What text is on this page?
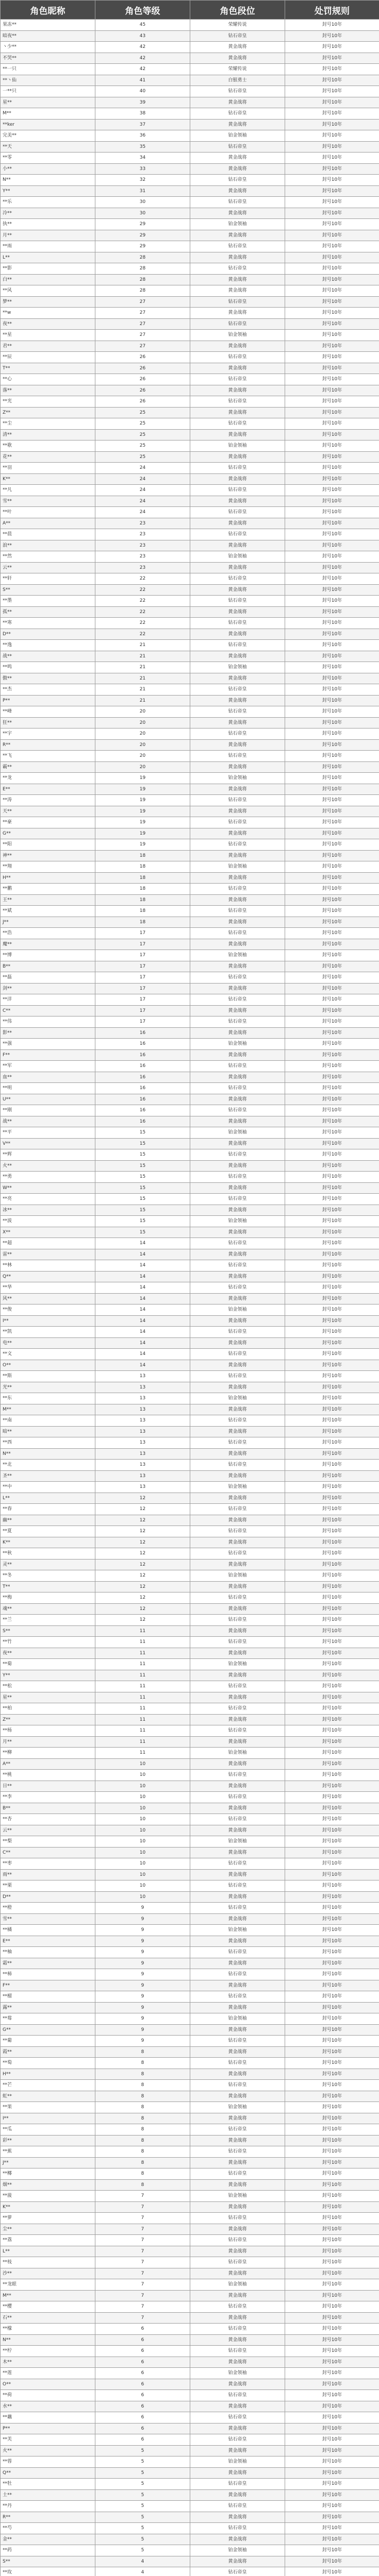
角色昵称	角色等级	角色段位	处罚规则
果冻**	45	荣耀传说	封号10年
暗夜**	43	钻石帝皇	封号10年
丶少**	42	黄金战将	封号10年
不哭**	42	黄金战将	封号10年
**一只	42	荣耀传说	封号10年
**丶仙	41	白银勇士	封号10年
一**只	40	钻石帝皇	封号10年
星**	39	黄金战将	封号10年
M**	38	钻石帝皇	封号10年
**ker	37	黄金战将	封号10年
完美**	36	铂金领袖	封号10年
**天	35	钻石帝皇	封号10年
**零	34	黄金战将	封号10年
小**	33	黄金战将	封号10年
N**	32	钻石帝皇	封号10年
Y**	31	黄金战将	封号10年
**乐	30	钻石帝皇	封号10年
冷**	30	黄金战将	封号10年
执**	29	铂金领袖	封号10年
月**	29	黄金战将	封号10年
**雨	29	钻石帝皇	封号10年
L**	28	黄金战将	封号10年
**影	28	钻石帝皇	封号10年
白**	28	黄金战将	封号10年
**风	28	黄金战将	封号10年
梦**	27	钻石帝皇	封号10年
**w	27	黄金战将	封号10年
夜**	27	钻石帝皇	封号10年
**星	27	铂金领袖	封号10年
君**	27	黄金战将	封号10年
**辰	26	钻石帝皇	封号10年
T**	26	黄金战将	封号10年
**心	26	钻石帝皇	封号10年
落**	26	黄金战将	封号10年
**光	26	钻石帝皇	封号10年
Z**	25	黄金战将	封号10年
**尘	25	钻石帝皇	封号10年
清**	25	黄金战将	封号10年
**歌	25	铂金领袖	封号10年
花**	25	黄金战将	封号10年
**羽	24	钻石帝皇	封号10年
K**	24	黄金战将	封号10年
**凡	24	钻石帝皇	封号10年
雪**	24	黄金战将	封号10年
**叶	24	钻石帝皇	封号10年
A**	23	黄金战将	封号10年
**晨	23	钻石帝皇	封号10年
浪**	23	黄金战将	封号10年
**然	23	铂金领袖	封号10年
云**	23	黄金战将	封号10年
**轩	22	钻石帝皇	封号10年
S**	22	黄金战将	封号10年
**墨	22	钻石帝皇	封号10年
孤**	22	黄金战将	封号10年
**寒	22	钻石帝皇	封号10年
D**	22	黄金战将	封号10年
**逸	21	钻石帝皇	封号10年
战**	21	黄金战将	封号10年
**鸣	21	铂金领袖	封号10年
傲**	21	黄金战将	封号10年
**杰	21	钻石帝皇	封号10年
P**	21	黄金战将	封号10年
**峰	20	钻石帝皇	封号10年
狂**	20	黄金战将	封号10年
**宇	20	钻石帝皇	封号10年
R**	20	黄金战将	封号10年
**飞	20	钻石帝皇	封号10年
霸**	20	黄金战将	封号10年
**龙	19	铂金领袖	封号10年
E**	19	黄金战将	封号10年
**涛	19	钻石帝皇	封号10年
天**	19	黄金战将	封号10年
**豪	19	钻石帝皇	封号10年
G**	19	黄金战将	封号10年
**阳	19	钻石帝皇	封号10年
神**	18	黄金战将	封号10年
**翔	18	铂金领袖	封号10年
H**	18	黄金战将	封号10年
**鹏	18	钻石帝皇	封号10年
王**	18	黄金战将	封号10年
**斌	18	钻石帝皇	封号10年
J**	18	黄金战将	封号10年
**浩	17	钻石帝皇	封号10年
魔**	17	黄金战将	封号10年
**博	17	铂金领袖	封号10年
B**	17	黄金战将	封号10年
**磊	17	钻石帝皇	封号10年
剑**	17	黄金战将	封号10年
**洋	17	钻石帝皇	封号10年
C**	17	黄金战将	封号10年
**伟	17	钻石帝皇	封号10年
影**	16	黄金战将	封号10年
**强	16	铂金领袖	封号10年
F**	16	黄金战将	封号10年
**军	16	钻石帝皇	封号10年
血**	16	黄金战将	封号10年
**明	16	钻石帝皇	封号10年
U**	16	黄金战将	封号10年
**刚	16	钻石帝皇	封号10年
战**	16	黄金战将	封号10年
**平	15	铂金领袖	封号10年
V**	15	黄金战将	封号10年
**辉	15	钻石帝皇	封号10年
火**	15	黄金战将	封号10年
**勇	15	钻石帝皇	封号10年
W**	15	黄金战将	封号10年
**亮	15	钻石帝皇	封号10年
冰**	15	黄金战将	封号10年
**波	15	铂金领袖	封号10年
X**	15	黄金战将	封号10年
**超	14	钻石帝皇	封号10年
雷**	14	黄金战将	封号10年
**林	14	钻石帝皇	封号10年
Q**	14	黄金战将	封号10年
**华	14	钻石帝皇	封号10年
风**	14	黄金战将	封号10年
**俊	14	铂金领袖	封号10年
I**	14	黄金战将	封号10年
**凯	14	钻石帝皇	封号10年
电**	14	黄金战将	封号10年
**文	14	钻石帝皇	封号10年
O**	14	黄金战将	封号10年
**斯	13	钻石帝皇	封号10年
光**	13	黄金战将	封号10年
**东	13	铂金领袖	封号10年
M**	13	黄金战将	封号10年
**南	13	钻石帝皇	封号10年
暗**	13	黄金战将	封号10年
**西	13	钻石帝皇	封号10年
N**	13	黄金战将	封号10年
**北	13	钻石帝皇	封号10年
圣**	13	黄金战将	封号10年
**中	13	铂金领袖	封号10年
L**	12	黄金战将	封号10年
**春	12	钻石帝皇	封号10年
幽**	12	黄金战将	封号10年
**夏	12	钻石帝皇	封号10年
K**	12	黄金战将	封号10年
**秋	12	钻石帝皇	封号10年
灵**	12	黄金战将	封号10年
**冬	12	铂金领袖	封号10年
T**	12	黄金战将	封号10年
**梅	12	钻石帝皇	封号10年
魂**	12	黄金战将	封号10年
**兰	12	钻石帝皇	封号10年
S**	11	黄金战将	封号10年
**竹	11	钻石帝皇	封号10年
夜**	11	黄金战将	封号10年
**菊	11	铂金领袖	封号10年
Y**	11	黄金战将	封号10年
**松	11	钻石帝皇	封号10年
星**	11	黄金战将	封号10年
**柏	11	钻石帝皇	封号10年
Z**	11	黄金战将	封号10年
**杨	11	钻石帝皇	封号10年
月**	11	黄金战将	封号10年
**柳	11	铂金领袖	封号10年
A**	10	黄金战将	封号10年
**桃	10	钻石帝皇	封号10年
日**	10	黄金战将	封号10年
**李	10	钻石帝皇	封号10年
B**	10	黄金战将	封号10年
**杏	10	钻石帝皇	封号10年
云**	10	黄金战将	封号10年
**梨	10	铂金领袖	封号10年
C**	10	黄金战将	封号10年
**枣	10	钻石帝皇	封号10年
雨**	10	黄金战将	封号10年
**栗	10	钻石帝皇	封号10年
D**	10	黄金战将	封号10年
**橙	9	钻石帝皇	封号10年
雪**	9	黄金战将	封号10年
**橘	9	铂金领袖	封号10年
E**	9	黄金战将	封号10年
**柚	9	钻石帝皇	封号10年
霜**	9	黄金战将	封号10年
**柿	9	钻石帝皇	封号10年
F**	9	黄金战将	封号10年
**榴	9	钻石帝皇	封号10年
露**	9	黄金战将	封号10年
**莓	9	铂金领袖	封号10年
G**	9	黄金战将	封号10年
**葡	9	钻石帝皇	封号10年
霞**	8	黄金战将	封号10年
**萄	8	钻石帝皇	封号10年
H**	8	黄金战将	封号10年
**芒	8	钻石帝皇	封号10年
虹**	8	黄金战将	封号10年
**果	8	铂金领袖	封号10年
I**	8	黄金战将	封号10年
**瓜	8	钻石帝皇	封号10年
彩**	8	黄金战将	封号10年
**蕉	8	钻石帝皇	封号10年
J**	8	黄金战将	封号10年
**椰	8	钻石帝皇	封号10年
烟**	8	黄金战将	封号10年
**菠	7	铂金领袖	封号10年
K**	7	黄金战将	封号10年
**萝	7	钻石帝皇	封号10年
尘**	7	黄金战将	封号10年
**荔	7	钻石帝皇	封号10年
L**	7	黄金战将	封号10年
**枝	7	钻石帝皇	封号10年
沙**	7	黄金战将	封号10年
**龙眼	7	铂金领袖	封号10年
M**	7	黄金战将	封号10年
**樱	7	钻石帝皇	封号10年
石**	7	黄金战将	封号10年
**檬	6	钻石帝皇	封号10年
N**	6	黄金战将	封号10年
**柠	6	钻石帝皇	封号10年
木**	6	黄金战将	封号10年
**莲	6	铂金领袖	封号10年
O**	6	黄金战将	封号10年
**荷	6	钻石帝皇	封号10年
水**	6	黄金战将	封号10年
**藕	6	钻石帝皇	封号10年
P**	6	黄金战将	封号10年
**芙	6	钻石帝皇	封号10年
火**	5	黄金战将	封号10年
**蓉	5	铂金领袖	封号10年
Q**	5	黄金战将	封号10年
**牡	5	钻石帝皇	封号10年
土**	5	黄金战将	封号10年
**丹	5	钻石帝皇	封号10年
R**	5	黄金战将	封号10年
**芍	5	钻石帝皇	封号10年
金**	5	黄金战将	封号10年
**药	5	铂金领袖	封号10年
S**	4	黄金战将	封号10年
**玫	4	钻石帝皇	封号10年
